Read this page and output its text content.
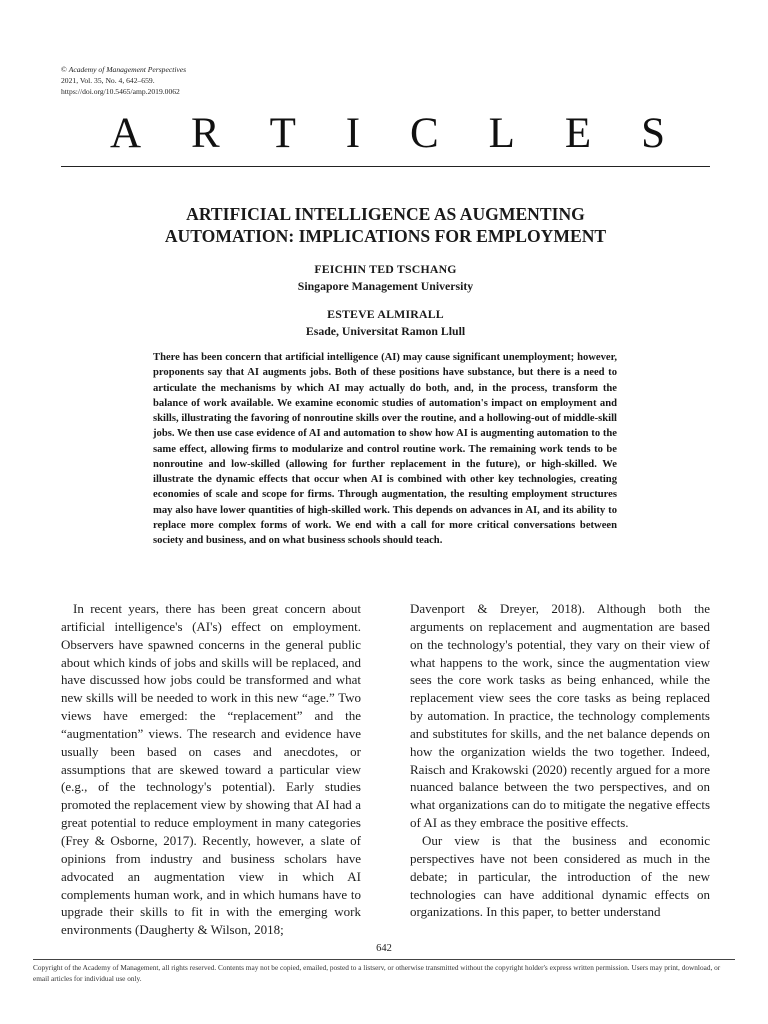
© Academy of Management Perspectives
2021, Vol. 35, No. 4, 642–659.
https://doi.org/10.5465/amp.2019.0062
A R T I C L E S
ARTIFICIAL INTELLIGENCE AS AUGMENTING
AUTOMATION: IMPLICATIONS FOR EMPLOYMENT
FEICHIN TED TSCHANG
Singapore Management University
ESTEVE ALMIRALL
Esade, Universitat Ramon Llull
There has been concern that artificial intelligence (AI) may cause significant unemployment; however, proponents say that AI augments jobs. Both of these positions have substance, but there is a need to articulate the mechanisms by which AI may actually do both, and, in the process, transform the balance of work available. We examine economic studies of automation's impact on employment and skills, illustrating the favoring of nonroutine skills over the routine, and a hollowing-out of middle-skill jobs. We then use case evidence of AI and automation to show how AI is augmenting automation to the same effect, allowing firms to modularize and control routine work. The remaining work tends to be nonroutine and low-skilled (allowing for further replacement in the future), or high-skilled. We illustrate the dynamic effects that occur when AI is combined with other key technologies, creating economies of scale and scope for firms. Through augmentation, the resulting employment structures may also have lower quantities of high-skilled work. This depends on advances in AI, and its ability to replace more complex forms of work. We end with a call for more critical conversations between society and business, and on what business schools should teach.

In recent years, there has been great concern about artificial intelligence's (AI's) effect on employment. Observers have spawned concerns in the general public about which kinds of jobs and skills will be replaced, and have discussed how jobs could be transformed and what new skills will be needed to work in this new “age.” Two views have emerged: the “replacement” and the “augmentation” views. The research and evidence have usually been based on cases and anecdotes, or assumptions that are skewed toward a particular view (e.g., of the technology's potential). Early studies promoted the replacement view by showing that AI had a great potential to reduce employment in many categories (Frey & Osborne, 2017). Recently, however, a slate of opinions from industry and business scholars have advocated an augmentation view in which AI complements human work, and in which humans have to upgrade their skills to fit in with the emerging work environments (Daugherty & Wilson, 2018;

Davenport & Dreyer, 2018). Although both the arguments on replacement and augmentation are based on the technology's potential, they vary on their view of what happens to the work, since the augmentation view sees the core work tasks as being enhanced, while the replacement view sees the core tasks as being replaced by automation. In practice, the technology complements and substitutes for skills, and the net balance depends on how the organization wields the two together. Indeed, Raisch and Krakowski (2020) recently argued for a more nuanced balance between the two perspectives, and on what organizations can do to mitigate the negative effects of AI as they embrace the positive effects.

Our view is that the business and economic perspectives have not been considered as much in the debate; in particular, the introduction of the new technologies can have additional dynamic effects on organizations. In this paper, to better understand

642
Copyright of the Academy of Management, all rights reserved. Contents may not be copied, emailed, posted to a listserv, or otherwise transmitted without the copyright holder's express written permission. Users may print, download, or email articles for individual use only.
